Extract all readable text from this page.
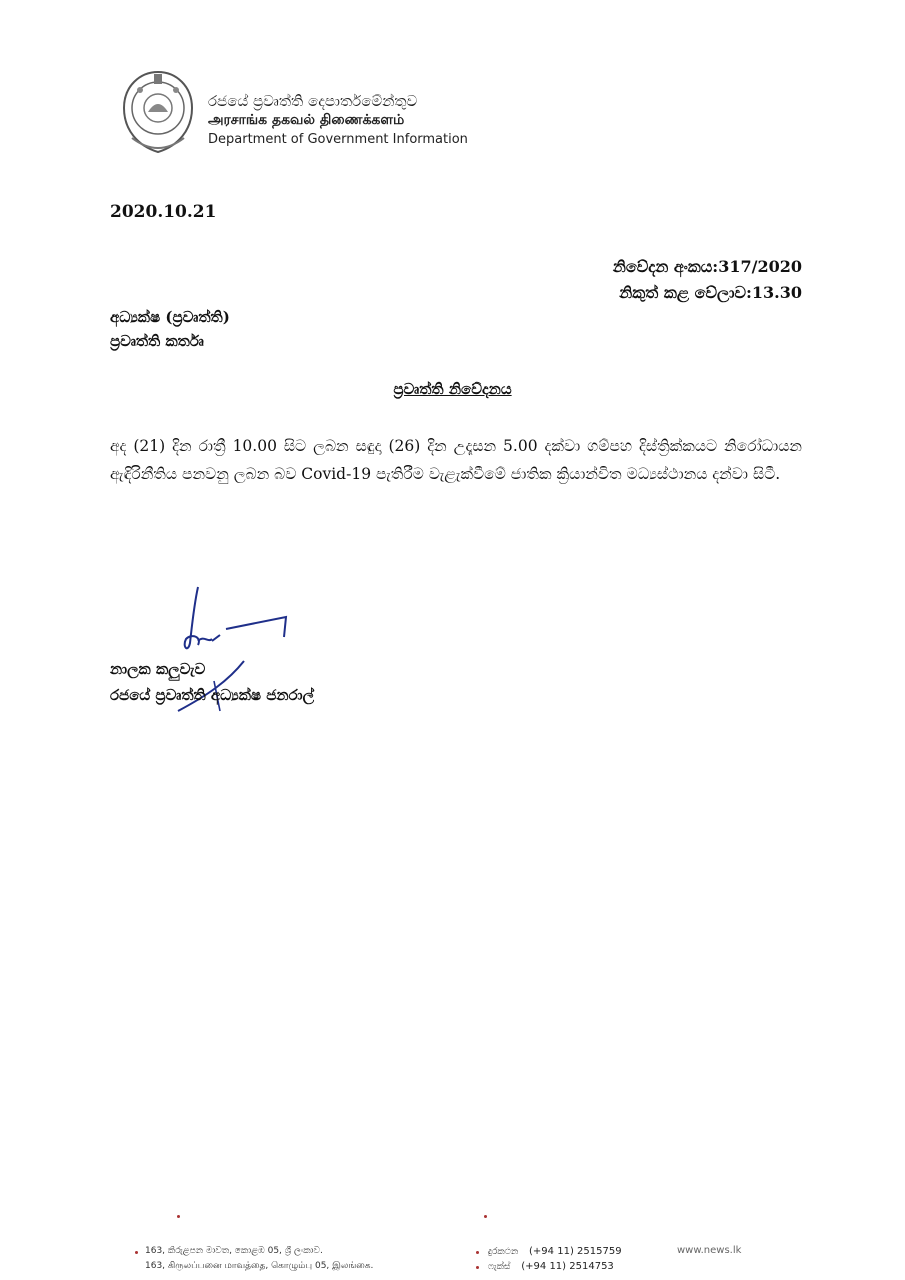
රජයේ ප්‍රවෘත්ති දෙපාර්තමේන්තුව
அரசாங்க தகவல் திணைக்களம்
Department of Government Information
2020.10.21
නිවේදන අංකය:317/2020
නිකුත් කළ වේලාව:13.30
අධ්‍යක්ෂ (ප්‍රවෘත්ති)
ප්‍රවෘත්ති කර්තෘ
ප්‍රවෘත්ති නිවේදනය
අද (21) දින රාත්‍රී 10.00 සිට ලබන සඳුදා (26) දින උදෑසන 5.00 දක්වා ගම්පහ දිස්ත්‍රික්කයට නිරෝධායන ඇඳිරිනීතිය පනවනු ලබන බව Covid-19 පැතිරීම වැළැක්වීමේ ජාතික ක්‍රියාන්විත මධ්‍යස්ථානය දන්වා සිටී.
නාලක කලුවැව
රජයේ ප්‍රවෘත්ති අධ්‍යක්ෂ ජනරාල්
163, කිරුළපන මාවත, කොළඹ 05, ශ්‍රී ලංකාව.
163, கிருலப்பனை மாவத்தை, கொழும்பு 05, இலங்கை.
දුරකථන (+94 11) 2515759
ෆැක්ස් (+94 11) 2514753
www.news.lk
